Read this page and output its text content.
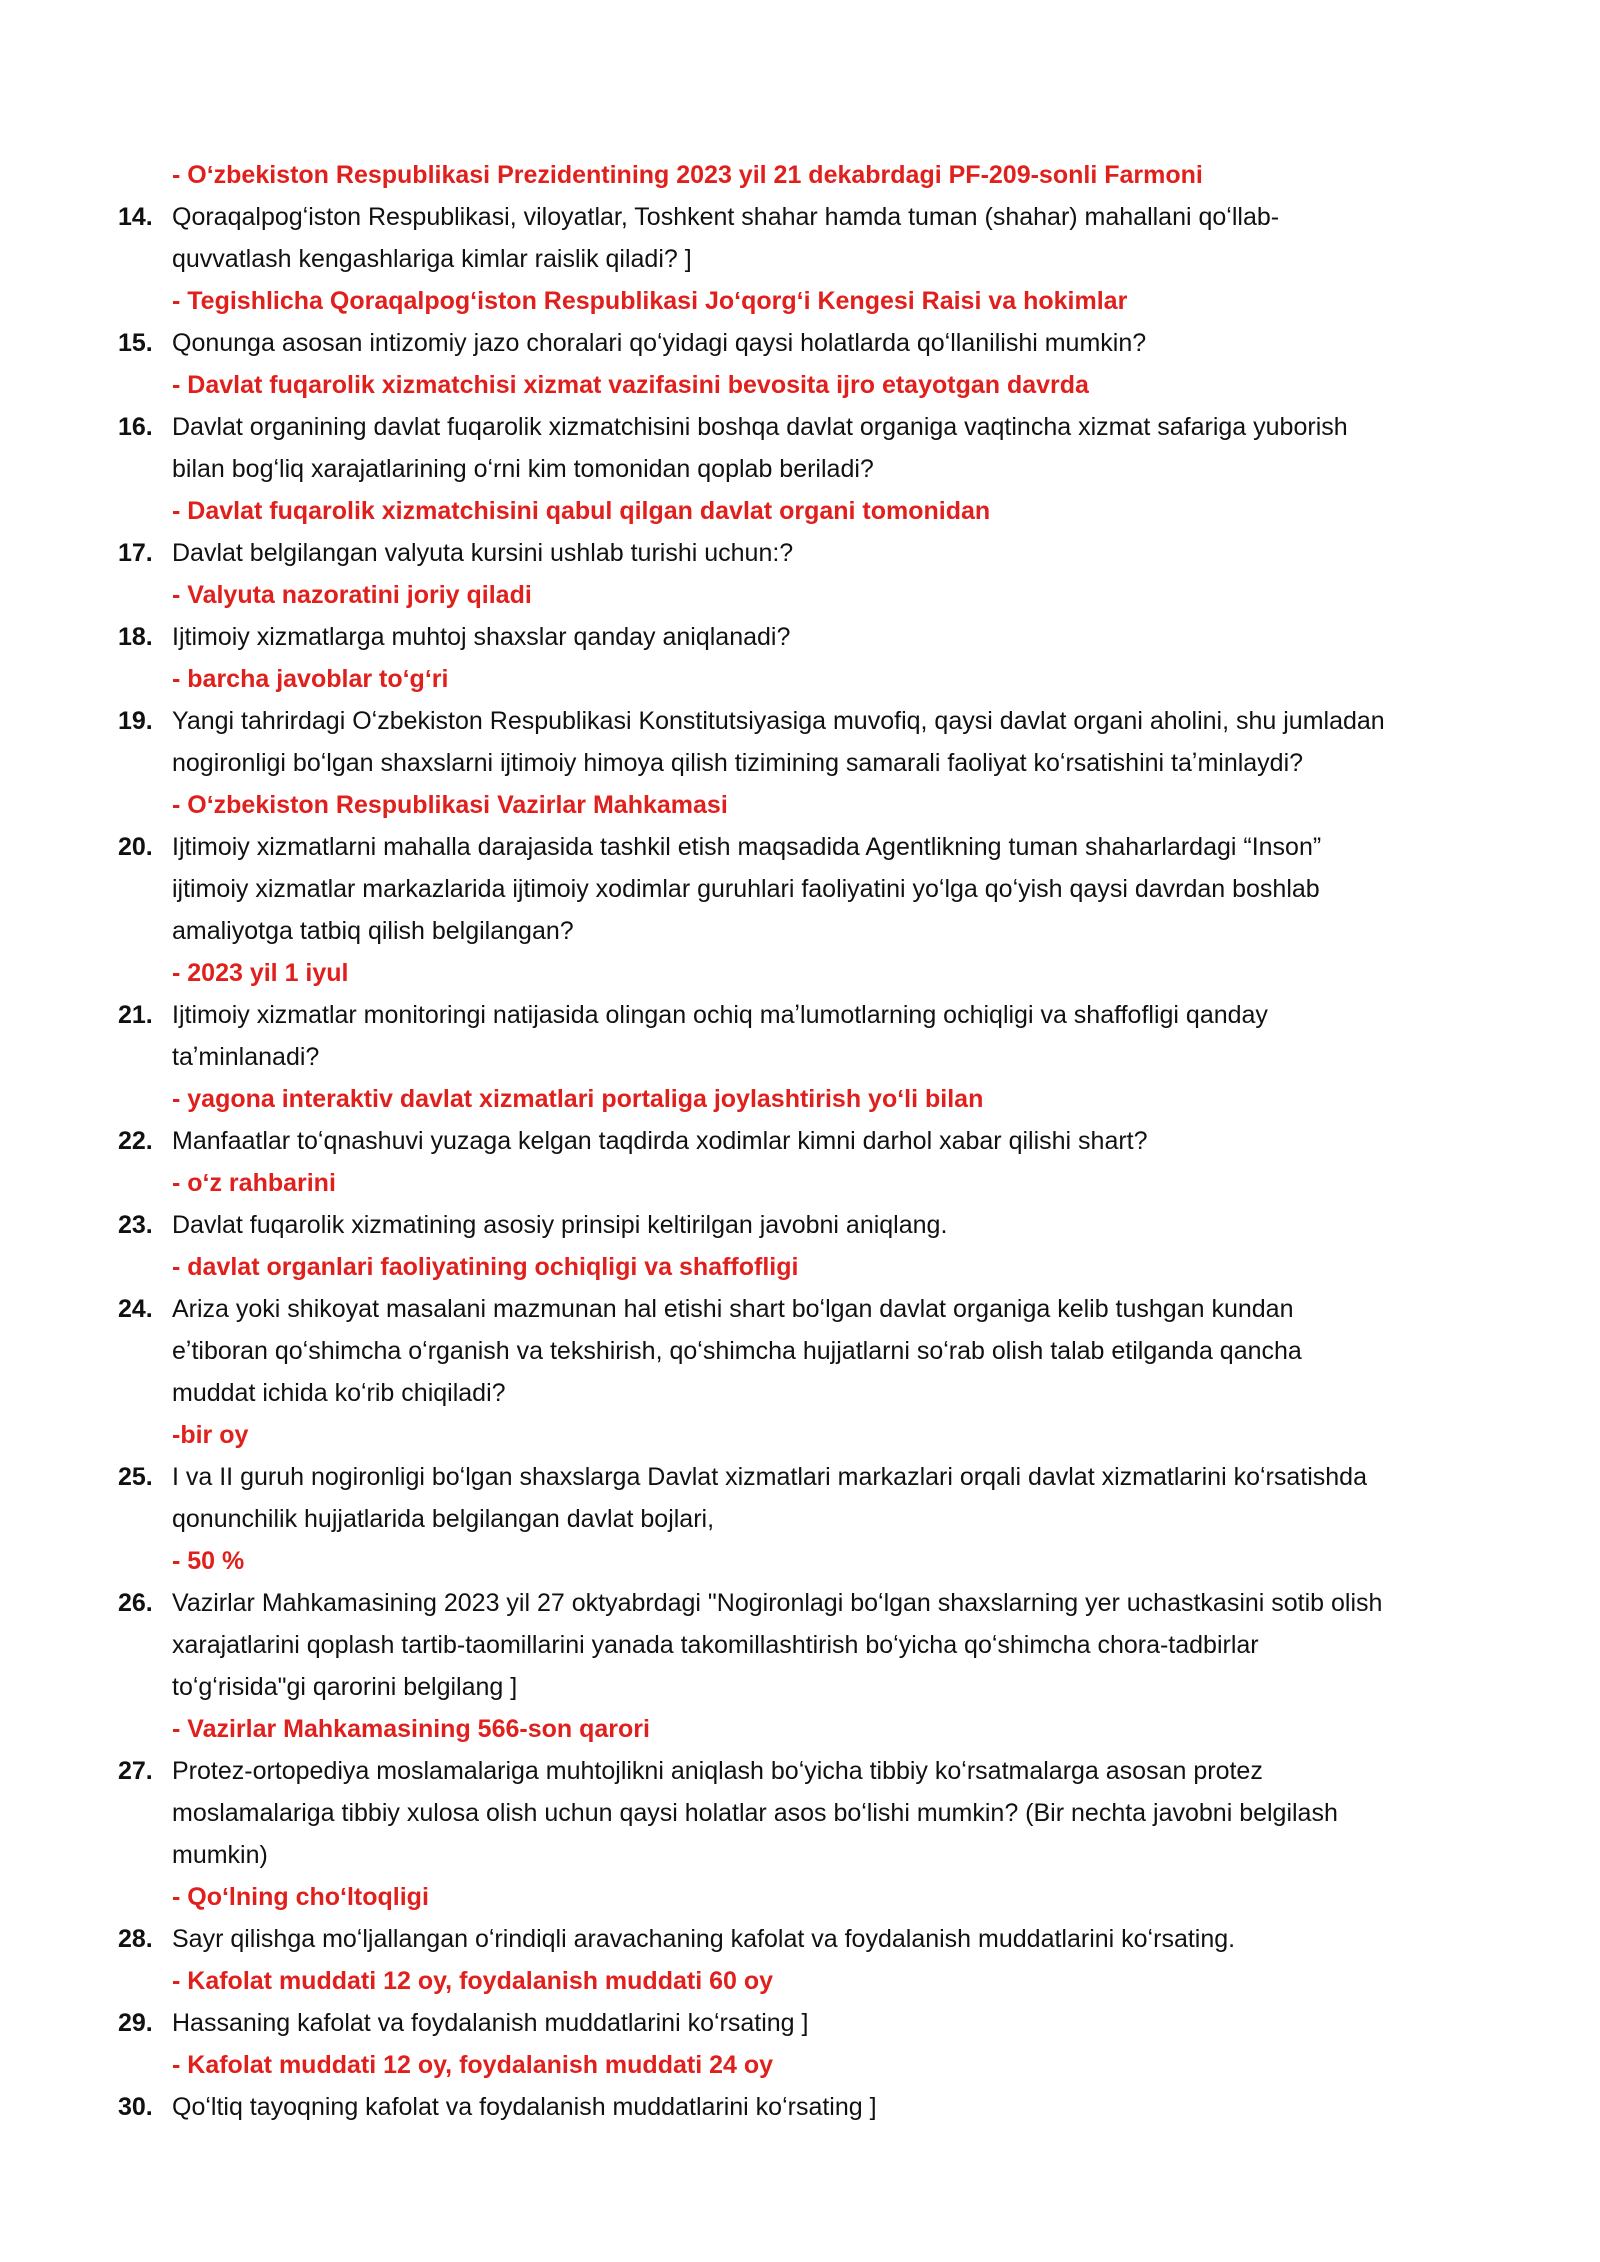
- Oʻzbekiston Respublikasi Prezidentining 2023 yil 21 dekabrdagi PF-209-sonli Farmoni
14. Qoraqalpogʻiston Respublikasi, viloyatlar, Toshkent shahar hamda tuman (shahar) mahallani qoʻllab-
quvvatlash kengashlariga kimlar raislik qiladi? ]
- Tegishlicha Qoraqalpogʻiston Respublikasi Joʻqorgʻi Kengesi Raisi va hokimlar
15. Qonunga asosan intizomiy jazo choralari qoʻyidagi qaysi holatlarda qoʻllanilishi mumkin?
- Davlat fuqarolik xizmatchisi xizmat vazifasini bevosita ijro etayotgan davrda
16. Davlat organining davlat fuqarolik xizmatchisini boshqa davlat organiga vaqtincha xizmat safariga yuborish
bilan bogʻliq xarajatlarining oʻrni kim tomonidan qoplab beriladi?
- Davlat fuqarolik xizmatchisini qabul qilgan davlat organi tomonidan
17. Davlat belgilangan valyuta kursini ushlab turishi uchun:?
- Valyuta nazoratini joriy qiladi
18. Ijtimoiy xizmatlarga muhtoj shaxslar qanday aniqlanadi?
- barcha javoblar toʻgʻri
19. Yangi tahrirdagi Oʻzbekiston Respublikasi Konstitutsiyasiga muvofiq, qaysi davlat organi aholini, shu jumladan
nogironligi boʻlgan shaxslarni ijtimoiy himoya qilish tizimining samarali faoliyat koʻrsatishini taʼminlaydi?
- Oʻzbekiston Respublikasi Vazirlar Mahkamasi
20. Ijtimoiy xizmatlarni mahalla darajasida tashkil etish maqsadida Agentlikning tuman shaharlardagi “Inson”
ijtimoiy xizmatlar markazlarida ijtimoiy xodimlar guruhlari faoliyatini yoʻlga qoʻyish qaysi davrdan boshlab
amaliyotga tatbiq qilish belgilangan?
- 2023 yil 1 iyul
21. Ijtimoiy xizmatlar monitoringi natijasida olingan ochiq maʼlumotlarning ochiqligi va shaffofligi qanday
taʼminlanadi?
- yagona interaktiv davlat xizmatlari portaliga joylashtirish yoʻli bilan
22. Manfaatlar toʻqnashuvi yuzaga kelgan taqdirda xodimlar kimni darhol xabar qilishi shart?
- oʻz rahbarini
23. Davlat fuqarolik xizmatining asosiy prinsipi keltirilgan javobni aniqlang.
- davlat organlari faoliyatining ochiqligi va shaffofligi
24. Ariza yoki shikoyat masalani mazmunan hal etishi shart boʻlgan davlat organiga kelib tushgan kundan
eʼtiboran qoʻshimcha oʻrganish va tekshirish, qoʻshimcha hujjatlarni soʻrab olish talab etilganda qancha
muddat ichida koʻrib chiqiladi?
-bir oy
25. I va II guruh nogironligi boʻlgan shaxslarga Davlat xizmatlari markazlari orqali davlat xizmatlarini koʻrsatishda
qonunchilik hujjatlarida belgilangan davlat bojlari,
- 50 %
26. Vazirlar Mahkamasining 2023 yil 27 oktyabrdagi "Nogironlagi boʻlgan shaxslarning yer uchastkasini sotib olish
xarajatlarini qoplash tartib-taomillarini yanada takomillashtirish boʻyicha qoʻshimcha chora-tadbirlar
toʻgʻrisida"gi qarorini belgilang ]
- Vazirlar Mahkamasining 566-son qarori
27. Protez-ortopediya moslamalariga muhtojlikni aniqlash boʻyicha tibbiy koʻrsatmalarga asosan protez
moslamalariga tibbiy xulosa olish uchun qaysi holatlar asos boʻlishi mumkin? (Bir nechta javobni belgilash
mumkin)
- Qoʻlning choʻltoqligi
28. Sayr qilishga moʻljallangan oʻrindiqli aravachaning kafolat va foydalanish muddatlarini koʻrsating.
- Kafolat muddati 12 oy, foydalanish muddati 60 oy
29. Hassaning kafolat va foydalanish muddatlarini koʻrsating ]
- Kafolat muddati 12 oy, foydalanish muddati 24 oy
30. Qoʻltiq tayoqning kafolat va foydalanish muddatlarini koʻrsating ]
